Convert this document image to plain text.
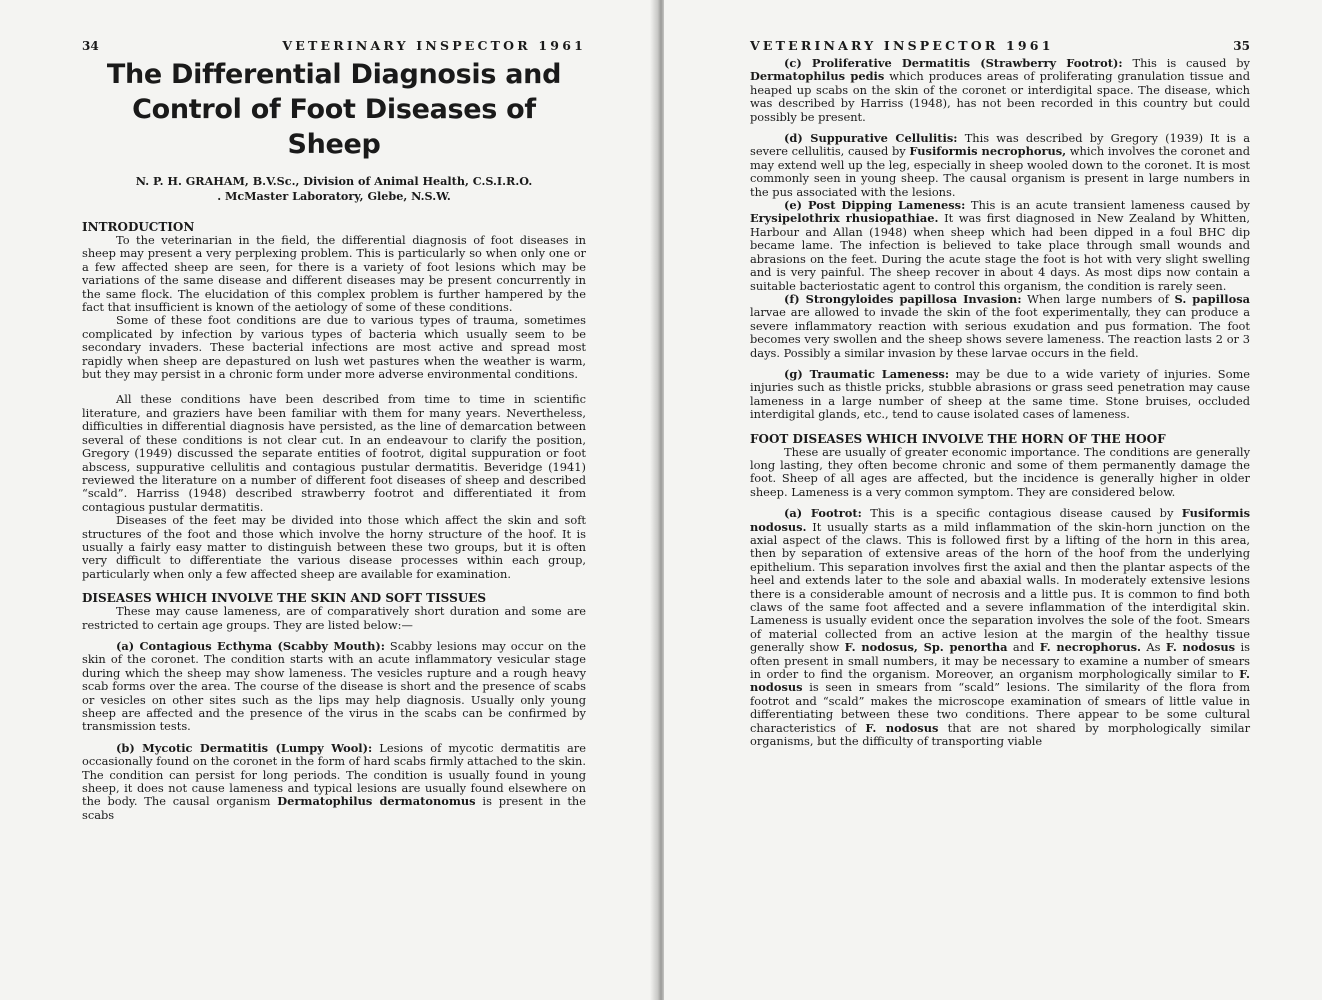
34	VETERINARY INSPECTOR 1961
The Differential Diagnosis and Control of Foot Diseases of Sheep
N. P. H. GRAHAM, B.V.Sc., Division of Animal Health, C.S.I.R.O.
. McMaster Laboratory, Glebe, N.S.W.
INTRODUCTION

To the veterinarian in the field, the differential diagnosis of foot diseases in sheep may present a very perplexing problem. This is particularly so when only one or a few affected sheep are seen, for there is a variety of foot lesions which may be variations of the same disease and different diseases may be present concurrently in the same flock. The elucidation of this complex problem is further hampered by the fact that insufficient is known of the aetiology of some of these conditions.

Some of these foot conditions are due to various types of trauma, sometimes complicated by infection by various types of bacteria which usually seem to be secondary invaders. These bacterial infections are most active and spread most rapidly when sheep are depastured on lush wet pastures when the weather is warm, but they may persist in a chronic form under more adverse environmental conditions.

All these conditions have been described from time to time in scientific literature, and graziers have been familiar with them for many years. Nevertheless, difficulties in differential diagnosis have persisted, as the line of demarcation between several of these conditions is not clear cut. In an endeavour to clarify the position, Gregory (1949) discussed the separate entities of footrot, digital suppuration or foot abscess, suppurative cellulitis and contagious pustular dermatitis. Beveridge (1941) reviewed the literature on a number of different foot diseases of sheep and described “scald”. Harriss (1948) described strawberry footrot and differentiated it from contagious pustular dermatitis.

Diseases of the feet may be divided into those which affect the skin and soft structures of the foot and those which involve the horny structure of the hoof. It is usually a fairly easy matter to distinguish between these two groups, but it is often very difficult to differentiate the various disease processes within each group, particularly when only a few affected sheep are available for examination.

DISEASES WHICH INVOLVE THE SKIN AND SOFT TISSUES

These may cause lameness, are of comparatively short duration and some are restricted to certain age groups. They are listed below:—

(a) Contagious Ecthyma (Scabby Mouth): Scabby lesions may occur on the skin of the coronet. The condition starts with an acute inflammatory vesicular stage during which the sheep may show lameness. The vesicles rupture and a rough heavy scab forms over the area. The course of the disease is short and the presence of scabs or vesicles on other sites such as the lips may help diagnosis. Usually only young sheep are affected and the presence of the virus in the scabs can be confirmed by transmission tests.

(b) Mycotic Dermatitis (Lumpy Wool): Lesions of mycotic dermatitis are occasionally found on the coronet in the form of hard scabs firmly attached to the skin. The condition can persist for long periods. The condition is usually found in young sheep, it does not cause lameness and typical lesions are usually found elsewhere on the body. The causal organism Dermatophilus dermatonomus is present in the scabs

VETERINARY INSPECTOR 1961	35

(c) Proliferative Dermatitis (Strawberry Footrot): This is caused by Dermatophilus pedis which produces areas of proliferating granulation tissue and heaped up scabs on the skin of the coronet or interdigital space. The disease, which was described by Harriss (1948), has not been recorded in this country but could possibly be present.

(d) Suppurative Cellulitis: This was described by Gregory (1939) It is a severe cellulitis, caused by Fusiformis necrophorus, which involves the coronet and may extend well up the leg, especially in sheep wooled down to the coronet. It is most commonly seen in young sheep. The causal organism is present in large numbers in the pus associated with the lesions.

(e) Post Dipping Lameness: This is an acute transient lameness caused by Erysipelothrix rhusiopathiae. It was first diagnosed in New Zealand by Whitten, Harbour and Allan (1948) when sheep which had been dipped in a foul BHC dip became lame. The infection is believed to take place through small wounds and abrasions on the feet. During the acute stage the foot is hot with very slight swelling and is very painful. The sheep recover in about 4 days. As most dips now contain a suitable bacteriostatic agent to control this organism, the condition is rarely seen.

(f) Strongyloides papillosa Invasion: When large numbers of S. papillosa larvae are allowed to invade the skin of the foot experimentally, they can produce a severe inflammatory reaction with serious exudation and pus formation. The foot becomes very swollen and the sheep shows severe lameness. The reaction lasts 2 or 3 days. Possibly a similar invasion by these larvae occurs in the field.

(g) Traumatic Lameness: may be due to a wide variety of injuries. Some injuries such as thistle pricks, stubble abrasions or grass seed penetration may cause lameness in a large number of sheep at the same time. Stone bruises, occluded interdigital glands, etc., tend to cause isolated cases of lameness.

FOOT DISEASES WHICH INVOLVE THE HORN OF THE HOOF

These are usually of greater economic importance. The conditions are generally long lasting, they often become chronic and some of them permanently damage the foot. Sheep of all ages are affected, but the incidence is generally higher in older sheep. Lameness is a very common symptom. They are considered below.

(a) Footrot: This is a specific contagious disease caused by Fusiformis nodosus. It usually starts as a mild inflammation of the skin-horn junction on the axial aspect of the claws. This is followed first by a lifting of the horn in this area, then by separation of extensive areas of the horn of the hoof from the underlying epithelium. This separation involves first the axial and then the plantar aspects of the heel and extends later to the sole and abaxial walls. In moderately extensive lesions there is a considerable amount of necrosis and a little pus. It is common to find both claws of the same foot affected and a severe inflammation of the interdigital skin. Lameness is usually evident once the separation involves the sole of the foot. Smears of material collected from an active lesion at the margin of the healthy tissue generally show F. nodosus, Sp. penortha and F. necrophorus. As F. nodosus is often present in small numbers, it may be necessary to examine a number of smears in order to find the organism. Moreover, an organism morphologically similar to F. nodosus is seen in smears from “scald” lesions. The similarity of the flora from footrot and “scald” makes the microscope examination of smears of little value in differentiating between these two conditions. There appear to be some cultural characteristics of F. nodosus that are not shared by morphologically similar organisms, but the difficulty of transporting viable
